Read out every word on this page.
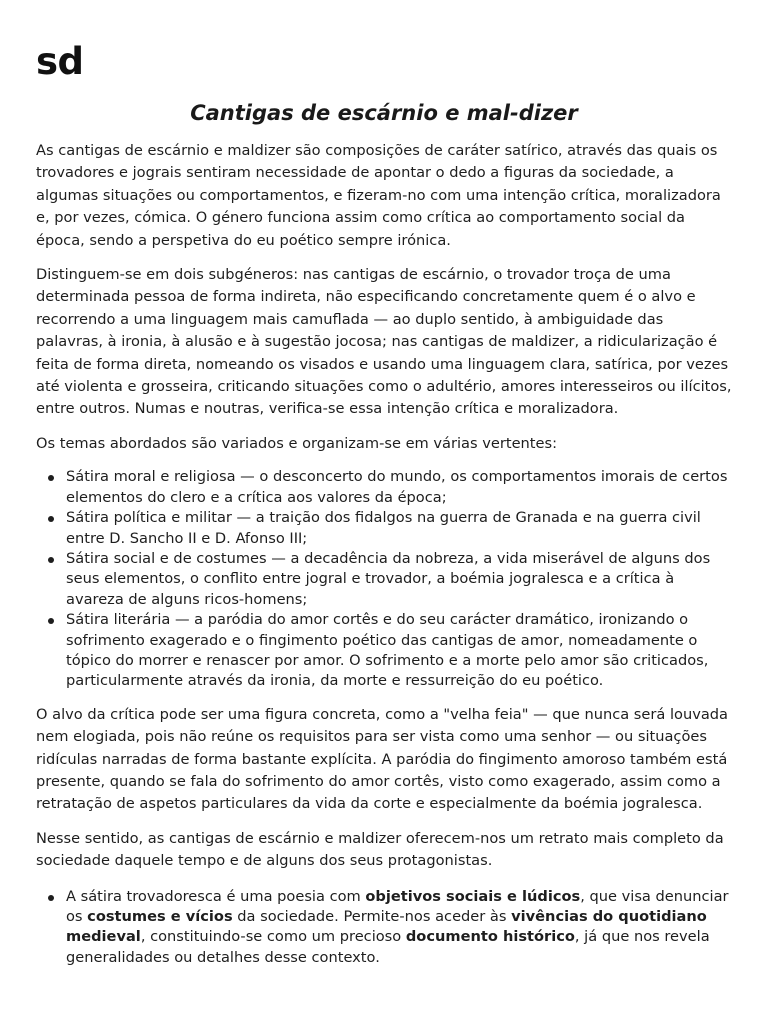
sd
Cantigas de escárnio e mal-dizer

As cantigas de escárnio e maldizer são composições de caráter satírico, através das quais os trovadores e jograis sentiram necessidade de apontar o dedo a figuras da sociedade, a algumas situações ou comportamentos, e fizeram-no com uma intenção crítica, moralizadora e, por vezes, cómica. O género funciona assim como crítica ao comportamento social da época, sendo a perspetiva do eu poético sempre irónica.

Distinguem-se em dois subgéneros: nas cantigas de escárnio, o trovador troça de uma determinada pessoa de forma indireta, não especificando concretamente quem é o alvo e recorrendo a uma linguagem mais camuflada — ao duplo sentido, à ambiguidade das palavras, à ironia, à alusão e à sugestão jocosa; nas cantigas de maldizer, a ridicularização é feita de forma direta, nomeando os visados e usando uma linguagem clara, satírica, por vezes até violenta e grosseira, criticando situações como o adultério, amores interesseiros ou ilícitos, entre outros. Numas e noutras, verifica-se essa intenção crítica e moralizadora.

Os temas abordados são variados e organizam-se em várias vertentes:

Sátira moral e religiosa — o desconcerto do mundo, os comportamentos imorais de certos elementos do clero e a crítica aos valores da época;
Sátira política e militar — a traição dos fidalgos na guerra de Granada e na guerra civil entre D. Sancho II e D. Afonso III;
Sátira social e de costumes — a decadência da nobreza, a vida miserável de alguns dos seus elementos, o conflito entre jogral e trovador, a boémia jogralesca e a crítica à avareza de alguns ricos-homens;
Sátira literária — a paródia do amor cortês e do seu carácter dramático, ironizando o sofrimento exagerado e o fingimento poético das cantigas de amor, nomeadamente o tópico do morrer e renascer por amor. O sofrimento e a morte pelo amor são criticados, particularmente através da ironia, da morte e ressurreição do eu poético.

O alvo da crítica pode ser uma figura concreta, como a "velha feia" — que nunca será louvada nem elogiada, pois não reúne os requisitos para ser vista como uma senhor — ou situações ridículas narradas de forma bastante explícita. A paródia do fingimento amoroso também está presente, quando se fala do sofrimento do amor cortês, visto como exagerado, assim como a retratação de aspetos particulares da vida da corte e especialmente da boémia jogralesca.

Nesse sentido, as cantigas de escárnio e maldizer oferecem-nos um retrato mais completo da sociedade daquele tempo e de alguns dos seus protagonistas.

A sátira trovadoresca é uma poesia com objetivos sociais e lúdicos, que visa denunciar os costumes e vícios da sociedade. Permite-nos aceder às vivências do quotidiano medieval, constituindo-se como um precioso documento histórico, já que nos revela generalidades ou detalhes desse contexto.
